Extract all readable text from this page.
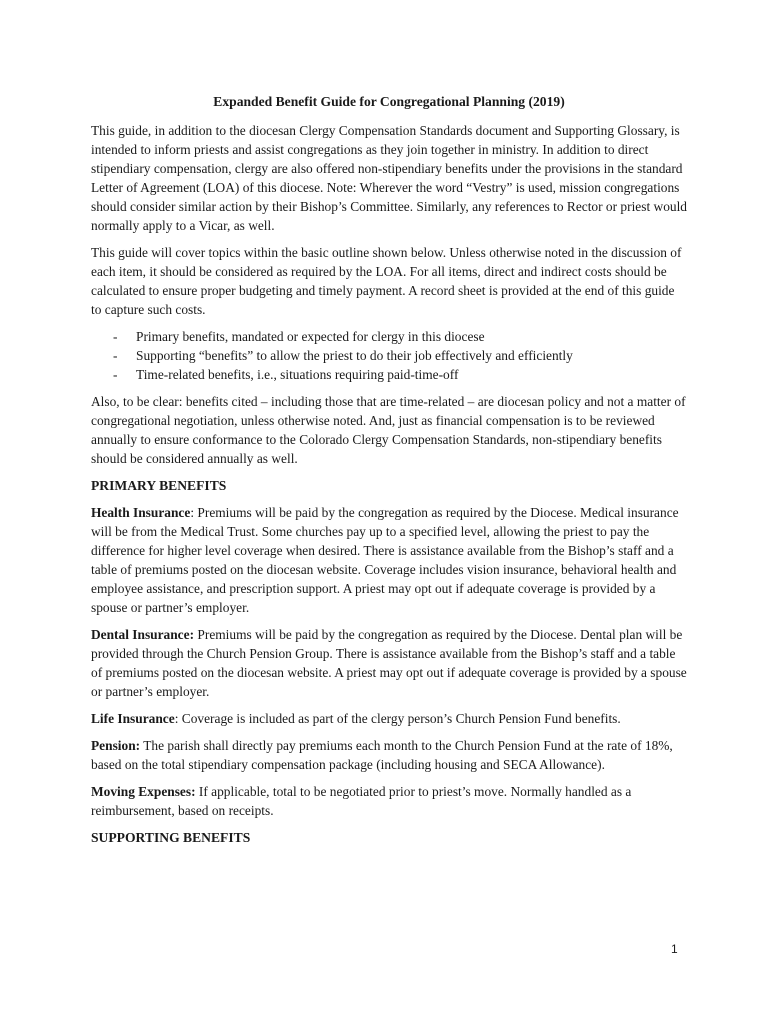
Expanded Benefit Guide for Congregational Planning (2019)

This guide, in addition to the diocesan Clergy Compensation Standards document and Supporting Glossary, is intended to inform priests and assist congregations as they join together in ministry. In addition to direct stipendiary compensation, clergy are also offered non-stipendiary benefits under the provisions in the standard Letter of Agreement (LOA) of this diocese. Note: Wherever the word “Vestry” is used, mission congregations should consider similar action by their Bishop’s Committee. Similarly, any references to Rector or priest would normally apply to a Vicar, as well.

This guide will cover topics within the basic outline shown below. Unless otherwise noted in the discussion of each item, it should be considered as required by the LOA. For all items, direct and indirect costs should be calculated to ensure proper budgeting and timely payment. A record sheet is provided at the end of this guide to capture such costs.

- Primary benefits, mandated or expected for clergy in this diocese
- Supporting “benefits” to allow the priest to do their job effectively and efficiently
- Time-related benefits, i.e., situations requiring paid-time-off

Also, to be clear: benefits cited – including those that are time-related – are diocesan policy and not a matter of congregational negotiation, unless otherwise noted. And, just as financial compensation is to be reviewed annually to ensure conformance to the Colorado Clergy Compensation Standards, non-stipendiary benefits should be considered annually as well.

PRIMARY BENEFITS

Health Insurance: Premiums will be paid by the congregation as required by the Diocese. Medical insurance will be from the Medical Trust. Some churches pay up to a specified level, allowing the priest to pay the difference for higher level coverage when desired. There is assistance available from the Bishop’s staff and a table of premiums posted on the diocesan website. Coverage includes vision insurance, behavioral health and employee assistance, and prescription support. A priest may opt out if adequate coverage is provided by a spouse or partner’s employer.

Dental Insurance: Premiums will be paid by the congregation as required by the Diocese. Dental plan will be provided through the Church Pension Group. There is assistance available from the Bishop’s staff and a table of premiums posted on the diocesan website. A priest may opt out if adequate coverage is provided by a spouse or partner’s employer.

Life Insurance: Coverage is included as part of the clergy person’s Church Pension Fund benefits.

Pension: The parish shall directly pay premiums each month to the Church Pension Fund at the rate of 18%, based on the total stipendiary compensation package (including housing and SECA Allowance).

Moving Expenses: If applicable, total to be negotiated prior to priest’s move. Normally handled as a reimbursement, based on receipts.

SUPPORTING BENEFITS
1
